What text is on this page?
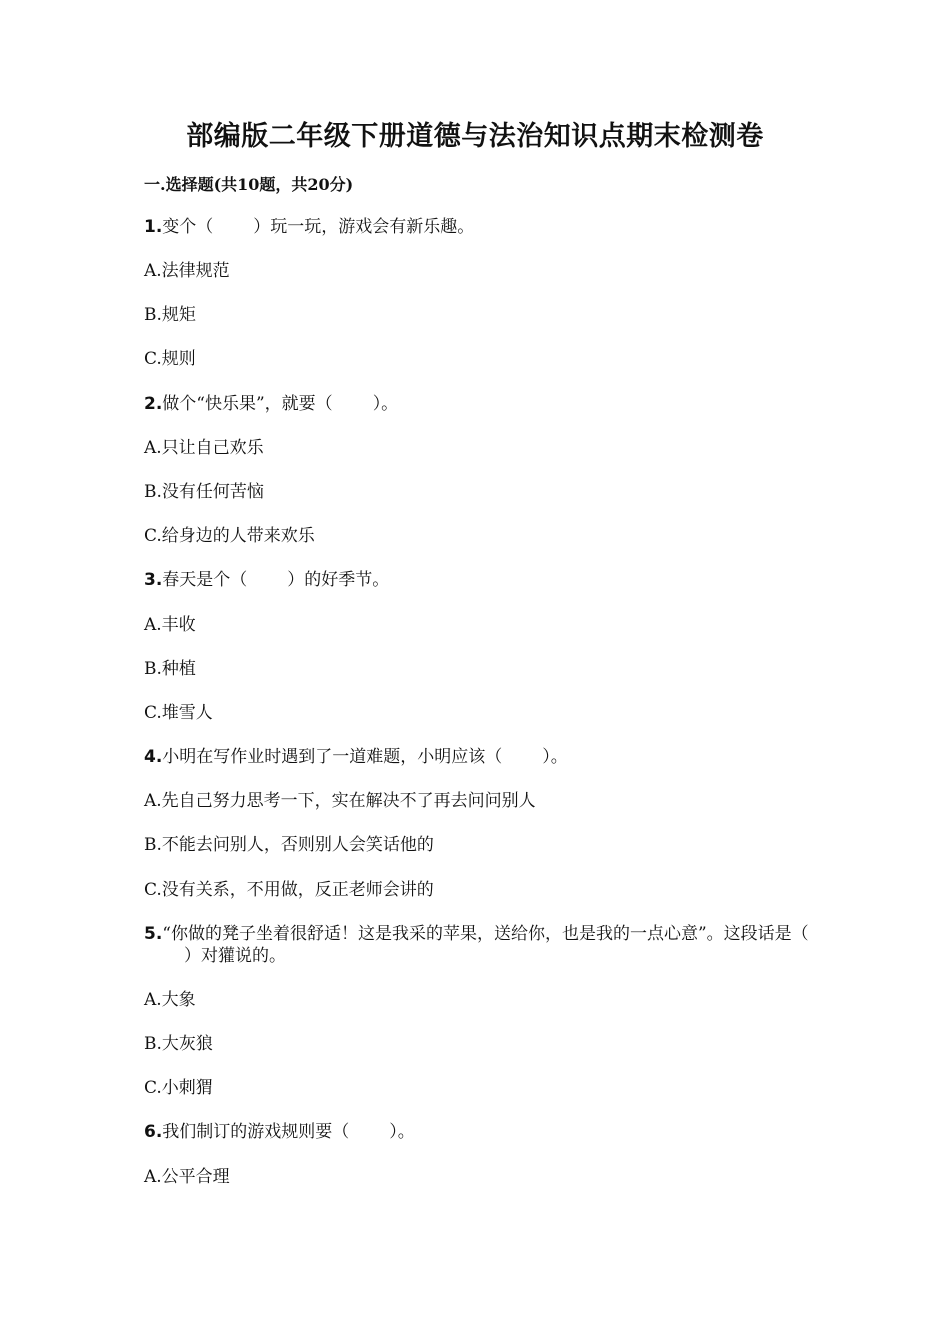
部编版二年级下册道德与法治知识点期末检测卷
一.选择题(共10题，共20分)
1.变个（ ）玩一玩，游戏会有新乐趣。
A.法律规范
B.规矩
C.规则
2.做个“快乐果”，就要（ ）。
A.只让自己欢乐
B.没有任何苦恼
C.给身边的人带来欢乐
3.春天是个（ ）的好季节。
A.丰收
B.种植
C.堆雪人
4.小明在写作业时遇到了一道难题，小明应该（ ）。
A.先自己努力思考一下，实在解决不了再去问问别人
B.不能去问别人，否则别人会笑话他的
C.没有关系，不用做，反正老师会讲的
5.“你做的凳子坐着很舒适！这是我采的苹果，送给你，也是我的一点心意”。这段话是（）对獾说的。
A.大象
B.大灰狼
C.小刺猬
6.我们制订的游戏规则要（ ）。
A.公平合理
